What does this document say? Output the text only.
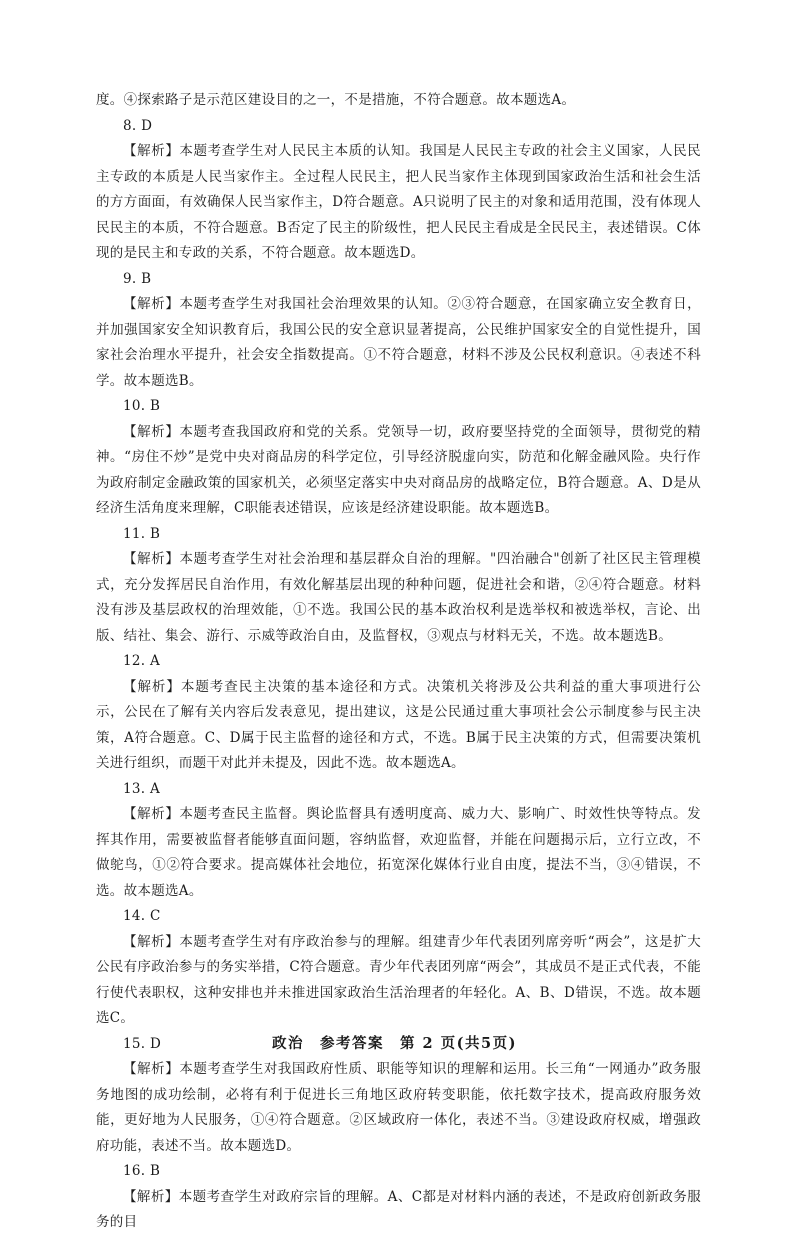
度。④探索路子是示范区建设目的之一，不是措施，不符合题意。故本题选A。

8. D

【解析】本题考查学生对人民民主本质的认知。我国是人民民主专政的社会主义国家，人民民主专政的本质是人民当家作主。全过程人民民主，把人民当家作主体现到国家政治生活和社会生活的方方面面，有效确保人民当家作主，D符合题意。A只说明了民主的对象和适用范围，没有体现人民民主的本质，不符合题意。B否定了民主的阶级性，把人民民主看成是全民民主，表述错误。C体现的是民主和专政的关系，不符合题意。故本题选D。

9. B

【解析】本题考查学生对我国社会治理效果的认知。②③符合题意，在国家确立安全教育日，并加强国家安全知识教育后，我国公民的安全意识显著提高，公民维护国家安全的自觉性提升，国家社会治理水平提升，社会安全指数提高。①不符合题意，材料不涉及公民权利意识。④表述不科学。故本题选B。

10. B

【解析】本题考查我国政府和党的关系。党领导一切，政府要坚持党的全面领导，贯彻党的精神。“房住不炒”是党中央对商品房的科学定位，引导经济脱虚向实，防范和化解金融风险。央行作为政府制定金融政策的国家机关，必须坚定落实中央对商品房的战略定位，B符合题意。A、D是从经济生活角度来理解，C职能表述错误，应该是经济建设职能。故本题选B。

11. B

【解析】本题考查学生对社会治理和基层群众自治的理解。"四治融合"创新了社区民主管理模式，充分发挥居民自治作用，有效化解基层出现的种种问题，促进社会和谐，②④符合题意。材料没有涉及基层政权的治理效能，①不选。我国公民的基本政治权利是选举权和被选举权，言论、出版、结社、集会、游行、示威等政治自由，及监督权，③观点与材料无关，不选。故本题选B。

12. A

【解析】本题考查民主决策的基本途径和方式。决策机关将涉及公共利益的重大事项进行公示，公民在了解有关内容后发表意见，提出建议，这是公民通过重大事项社会公示制度参与民主决策，A符合题意。C、D属于民主监督的途径和方式，不选。B属于民主决策的方式，但需要决策机关进行组织，而题干对此并未提及，因此不选。故本题选A。

13. A

【解析】本题考查民主监督。舆论监督具有透明度高、威力大、影响广、时效性快等特点。发挥其作用，需要被监督者能够直面问题，容纳监督，欢迎监督，并能在问题揭示后，立行立改，不做鸵鸟，①②符合要求。提高媒体社会地位，拓宽深化媒体行业自由度，提法不当，③④错误，不选。故本题选A。

14. C

【解析】本题考查学生对有序政治参与的理解。组建青少年代表团列席旁听“两会”，这是扩大公民有序政治参与的务实举措，C符合题意。青少年代表团列席“两会”，其成员不是正式代表，不能行使代表职权，这种安排也并未推进国家政治生活治理者的年轻化。A、B、D错误，不选。故本题选C。

15. D

【解析】本题考查学生对我国政府性质、职能等知识的理解和运用。长三角“一网通办”政务服务地图的成功绘制，必将有利于促进长三角地区政府转变职能，依托数字技术，提高政府服务效能，更好地为人民服务，①④符合题意。②区域政府一体化，表述不当。③建设政府权威，增强政府功能，表述不当。故本题选D。

16. B

【解析】本题考查学生对政府宗旨的理解。A、C都是对材料内涵的表述，不是政府创新政务服务的目

政治　参考答案　第 2 页(共5页)
